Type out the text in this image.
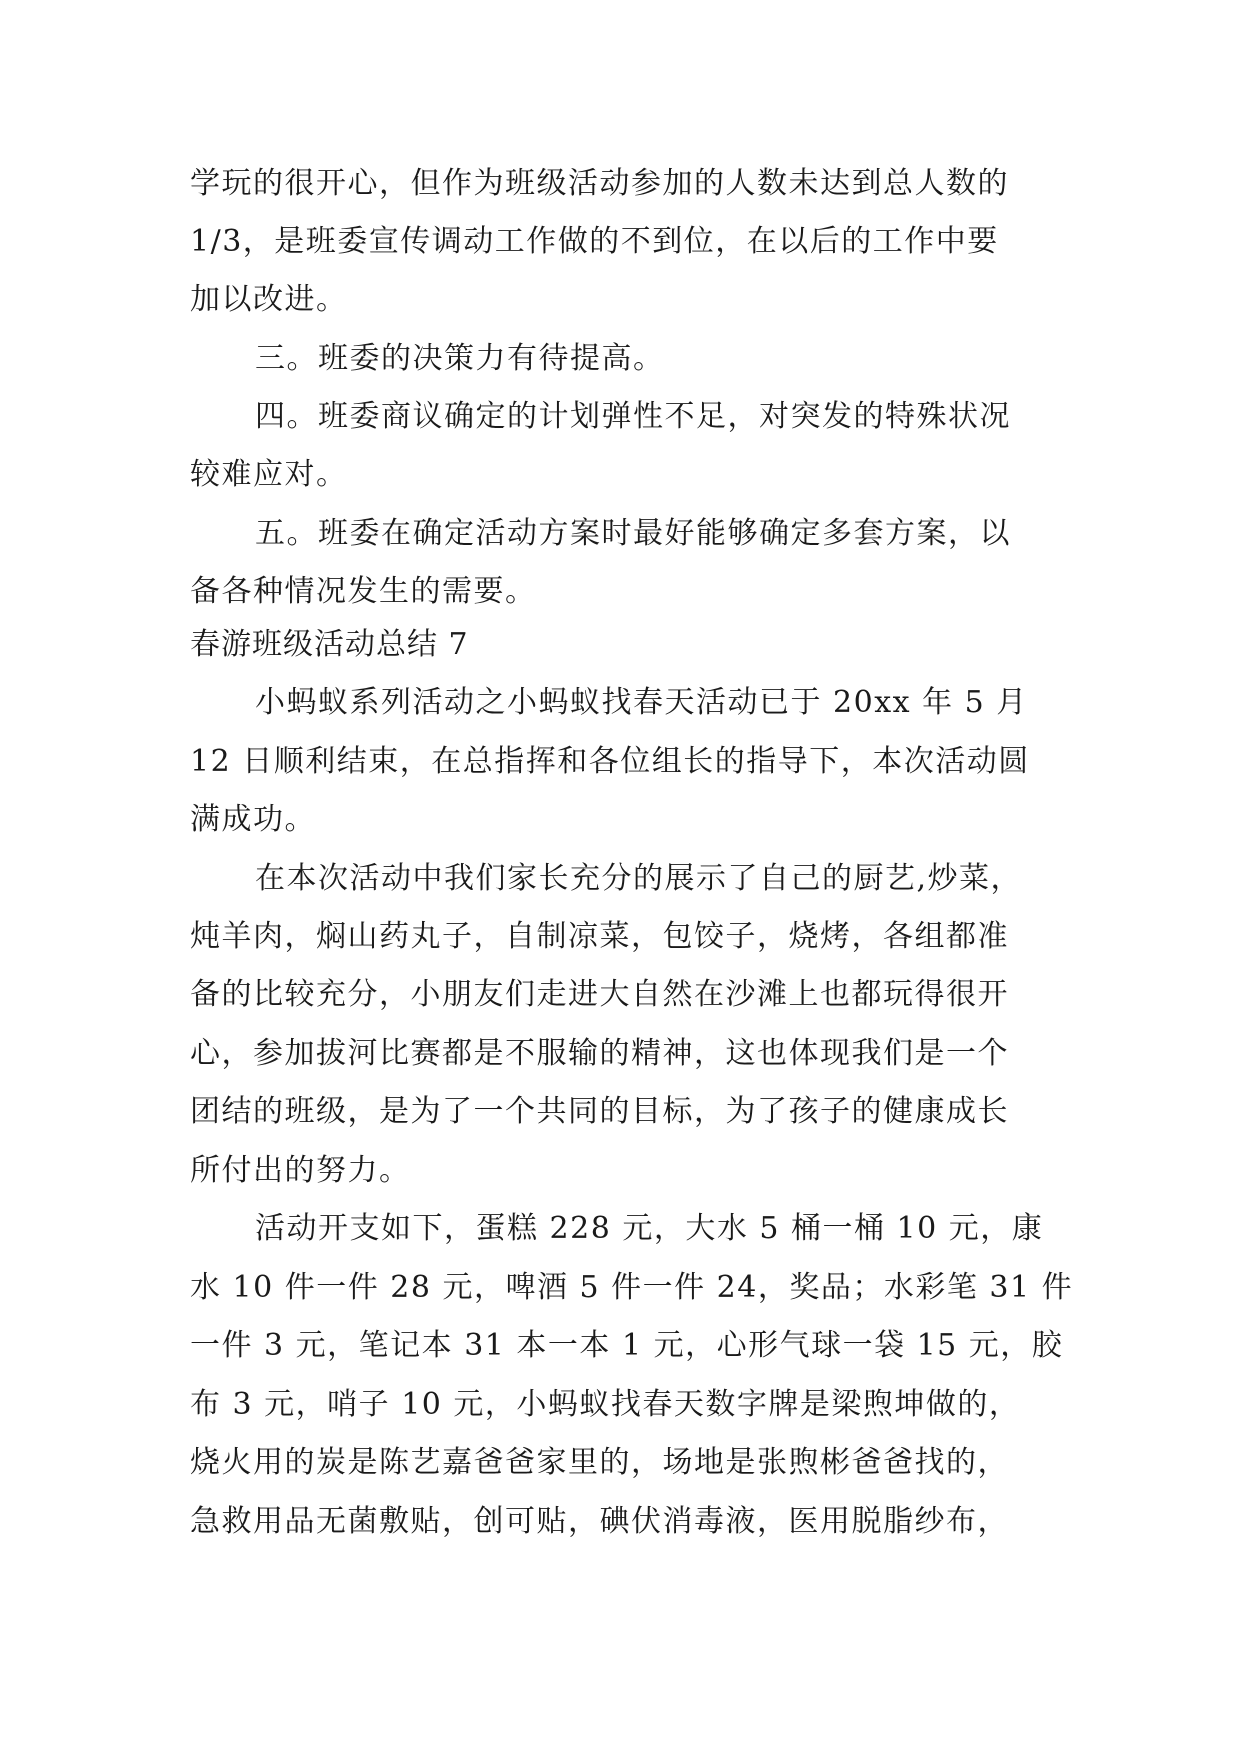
学玩的很开心，但作为班级活动参加的人数未达到总人数的
1/3，是班委宣传调动工作做的不到位，在以后的工作中要
加以改进。
三。班委的决策力有待提高。
四。班委商议确定的计划弹性不足，对突发的特殊状况
较难应对。
五。班委在确定活动方案时最好能够确定多套方案，以
备各种情况发生的需要。
春游班级活动总结 7
小蚂蚁系列活动之小蚂蚁找春天活动已于 20xx 年 5 月
12 日顺利结束，在总指挥和各位组长的指导下，本次活动圆
满成功。
在本次活动中我们家长充分的展示了自己的厨艺,炒菜，
炖羊肉，焖山药丸子，自制凉菜，包饺子，烧烤，各组都准
备的比较充分，小朋友们走进大自然在沙滩上也都玩得很开
心，参加拔河比赛都是不服输的精神，这也体现我们是一个
团结的班级，是为了一个共同的目标，为了孩子的健康成长
所付出的努力。
活动开支如下，蛋糕 228 元，大水 5 桶一桶 10 元，康
水 10 件一件 28 元，啤酒 5 件一件 24，奖品；水彩笔 31 件
一件 3 元，笔记本 31 本一本 1 元，心形气球一袋 15 元，胶
布 3 元，哨子 10 元，小蚂蚁找春天数字牌是梁煦坤做的，
烧火用的炭是陈艺嘉爸爸家里的，场地是张煦彬爸爸找的，
急救用品无菌敷贴，创可贴，碘伏消毒液，医用脱脂纱布，
